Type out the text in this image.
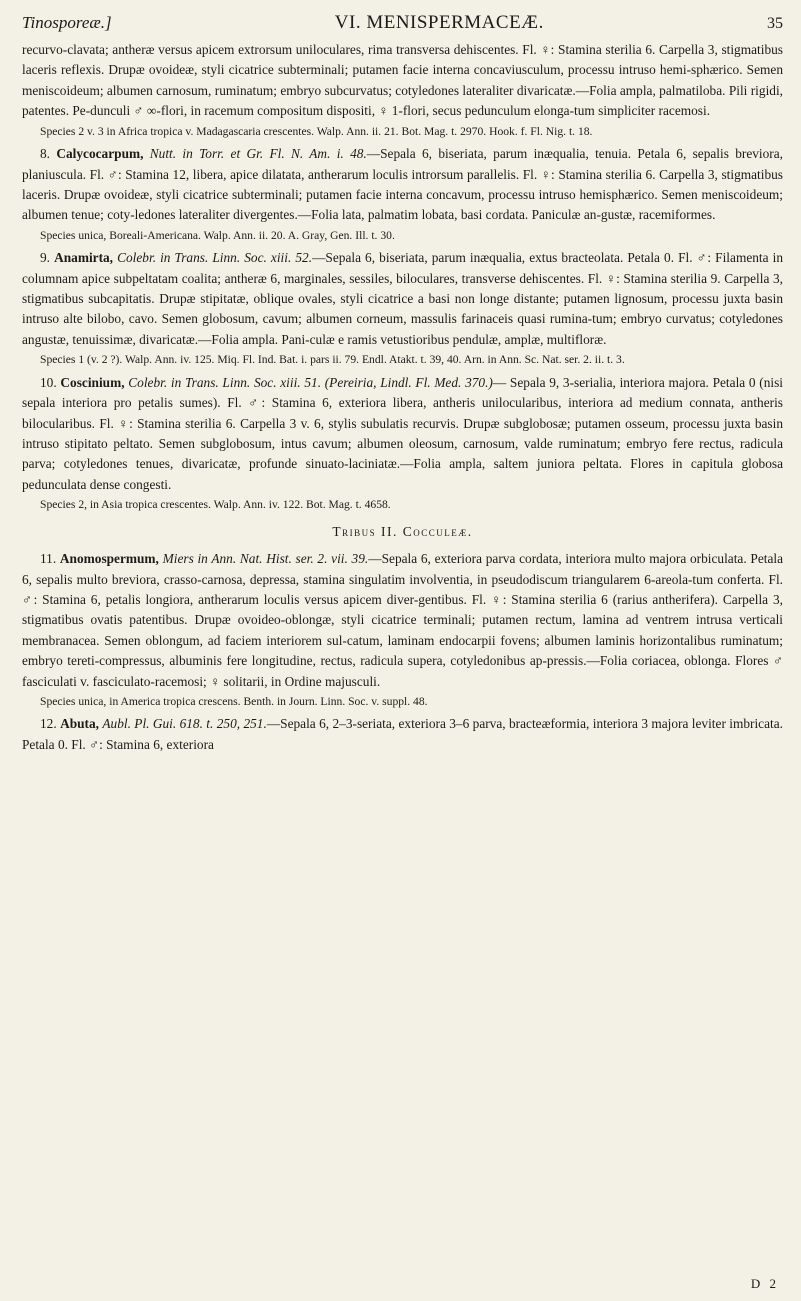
Tinosporeæ.]	VI. MENISPERMACEÆ.	35

recurvo-clavata; antheræ versus apicem extrorsum uniloculares, rima transversa dehiscentes. Fl. ♀: Stamina sterilia 6. Carpella 3, stigmatibus laceris reflexis. Drupæ ovoideæ, styli cicatrice subterminali; putamen facie interna concaviusculum, processu intruso hemi-sphærico. Semen meniscoideum; albumen carnosum, ruminatum; embryo subcurvatus; cotyledones lateraliter divaricatæ.—Folia ampla, palmatiloba. Pili rigidi, patentes. Pe-dunculi ♂ ∞-flori, in racemum compositum dispositi, ♀ 1-flori, secus pedunculum elonga-tum simpliciter racemosi.

Species 2 v. 3 in Africa tropica v. Madagascaria crescentes. Walp. Ann. ii. 21. Bot. Mag. t. 2970. Hook. f. Fl. Nig. t. 18.

8. Calycocarpum, Nutt. in Torr. et Gr. Fl. N. Am. i. 48.—Sepala 6, biseriata, parum inæqualia, tenuia. Petala 6, sepalis breviora, planiuscula. Fl. ♂: Stamina 12, libera, apice dilatata, antherarum loculis introrsum parallelis. Fl. ♀: Stamina sterilia 6. Carpella 3, stigmatibus laceris. Drupæ ovoideæ, styli cicatrice subterminali; putamen facie interna concavum, processu intruso hemisphærico. Semen meniscoideum; albumen tenue; coty-ledones lateraliter divergentes.—Folia lata, palmatim lobata, basi cordata. Paniculæ an-gustæ, racemiformes.

Species unica, Boreali-Americana. Walp. Ann. ii. 20. A. Gray, Gen. Ill. t. 30.

9. Anamirta, Colebr. in Trans. Linn. Soc. xiii. 52.—Sepala 6, biseriata, parum inæqualia, extus bracteolata. Petala 0. Fl. ♂: Filamenta in columnam apice subpeltatam coalita; antheræ 6, marginales, sessiles, biloculares, transverse dehiscentes. Fl. ♀: Stamina sterilia 9. Carpella 3, stigmatibus subcapitatis. Drupæ stipitatæ, oblique ovales, styli cicatrice a basi non longe distante; putamen lignosum, processu juxta basin intruso alte bilobo, cavo. Semen globosum, cavum; albumen corneum, massulis farinaceis quasi rumina-tum; embryo curvatus; cotyledones angustæ, tenuissimæ, divaricatæ.—Folia ampla. Pani-culæ e ramis vetustioribus pendulæ, amplæ, multifloræ.

Species 1 (v. 2 ?). Walp. Ann. iv. 125. Miq. Fl. Ind. Bat. i. pars ii. 79. Endl. Atakt. t. 39, 40. Arn. in Ann. Sc. Nat. ser. 2. ii. t. 3.

10. Coscinium, Colebr. in Trans. Linn. Soc. xiii. 51. (Pereiria, Lindl. Fl. Med. 370.)— Sepala 9, 3-serialia, interiora majora. Petala 0 (nisi sepala interiora pro petalis sumes). Fl. ♂: Stamina 6, exteriora libera, antheris unilocularibus, interiora ad medium connata, antheris bilocularibus. Fl. ♀: Stamina sterilia 6. Carpella 3 v. 6, stylis subulatis recurvis. Drupæ subglobosæ; putamen osseum, processu juxta basin intruso stipitato peltato. Semen subglobosum, intus cavum; albumen oleosum, carnosum, valde ruminatum; embryo fere rectus, radicula parva; cotyledones tenues, divaricatæ, profunde sinuato-laciniatæ.—Folia ampla, saltem juniora peltata. Flores in capitula globosa pedunculata dense congesti.

Species 2, in Asia tropica crescentes. Walp. Ann. iv. 122. Bot. Mag. t. 4658.

Tribus II. Cocculeæ.

11. Anomospermum, Miers in Ann. Nat. Hist. ser. 2. vii. 39.—Sepala 6, exteriora parva cordata, interiora multo majora orbiculata. Petala 6, sepalis multo breviora, crasso-carnosa, depressa, stamina singulatim involventia, in pseudodiscum triangularem 6-areola-tum conferta. Fl. ♂: Stamina 6, petalis longiora, antherarum loculis versus apicem diver-gentibus. Fl. ♀: Stamina sterilia 6 (rarius antherifera). Carpella 3, stigmatibus ovatis patentibus. Drupæ ovoideo-oblongæ, styli cicatrice terminali; putamen rectum, lamina ad ventrem intrusa verticali membranacea. Semen oblongum, ad faciem interiorem sul-catum, laminam endocarpii fovens; albumen laminis horizontalibus ruminatum; embryo tereti-compressus, albuminis fere longitudine, rectus, radicula supera, cotyledonibus ap-pressis.—Folia coriacea, oblonga. Flores ♂ fasciculati v. fasciculato-racemosi; ♀ solitarii, in Ordine majusculi.

Species unica, in America tropica crescens. Benth. in Journ. Linn. Soc. v. suppl. 48.

12. Abuta, Aubl. Pl. Gui. 618. t. 250, 251.—Sepala 6, 2–3-seriata, exteriora 3–6 parva, bracteæformia, interiora 3 majora leviter imbricata. Petala 0. Fl. ♂: Stamina 6, exteriora

D 2
